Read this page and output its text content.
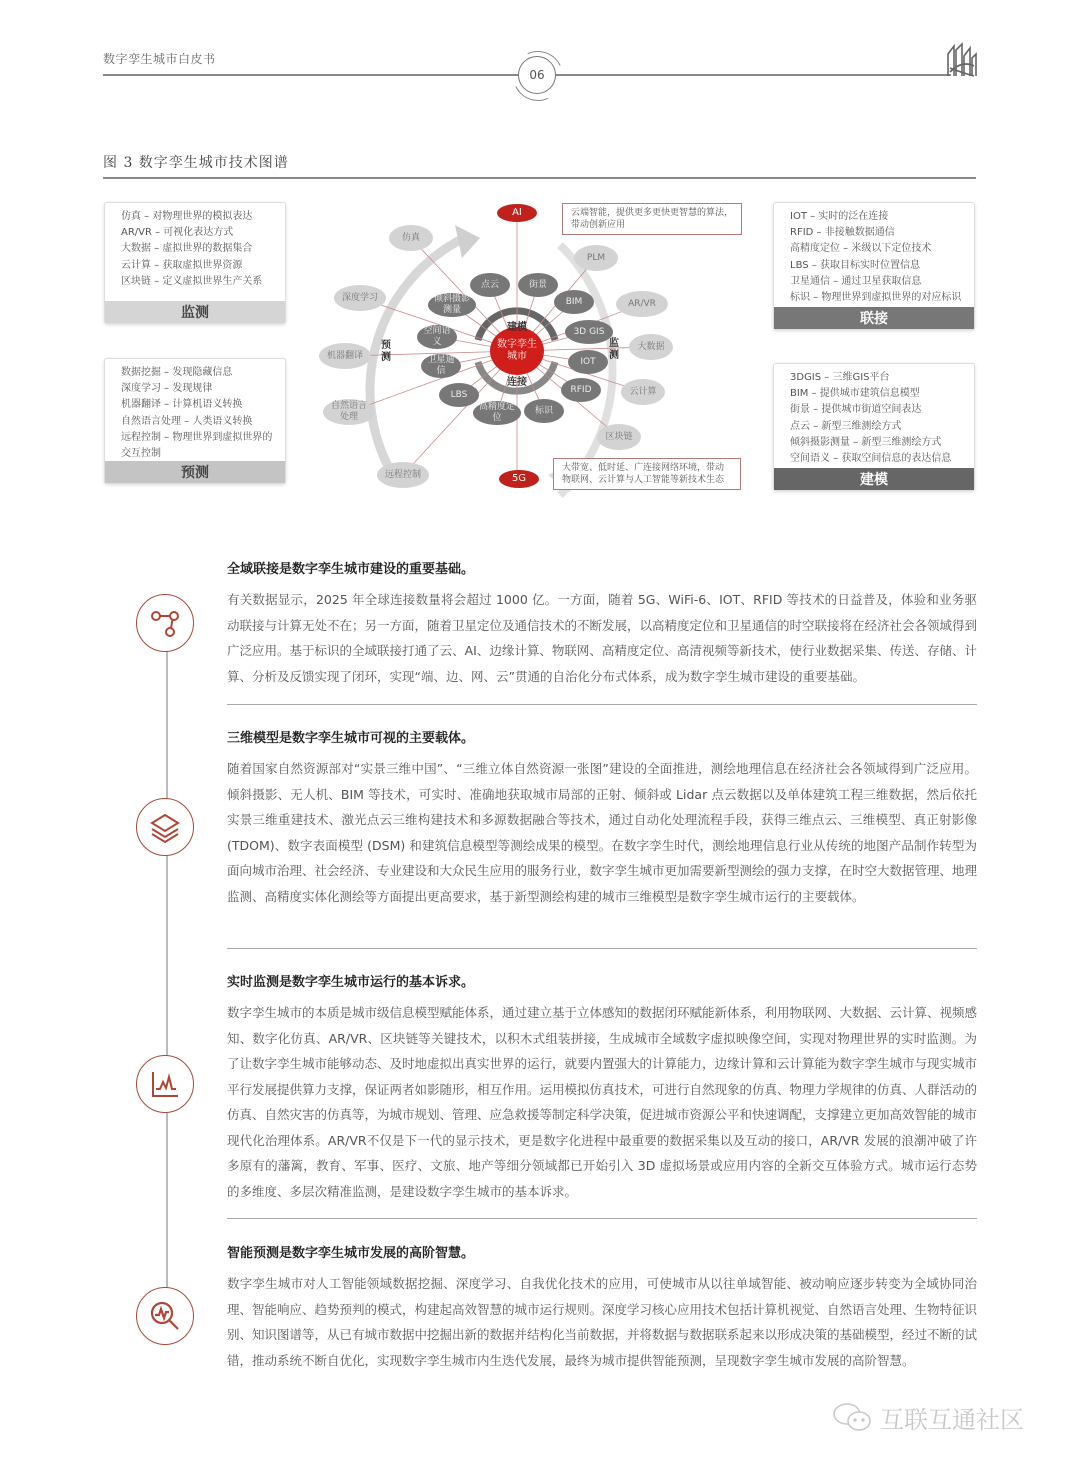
数字孪生城市白皮书
06
图 3 数字孪生城市技术图谱
仿真
PLM
深度学习
AR/VR
机器翻译
大数据
自然语言处理
云计算
远程控制
区块链
点云	街景
倾斜摄影测量
BIM
空间语义
3D GIS
卫星通信
IOT
LBS	RFID
高精度定位
标识
AI
5G
数字孪生城市
建模
连接
监测
预测
云端智能，提供更多更快更智慧的算法，带动创新应用
大带宽、低时延、广连接网络环境，带动物联网、云计算与人工智能等新技术生态
仿真 – 对物理世界的模拟表达
AR/VR – 可视化表达方式
大数据 – 虚拟世界的数据集合
云计算 – 获取虚拟世界资源
区块链 – 定义虚拟世界生产关系
监测
数据挖掘 – 发现隐藏信息
深度学习 – 发现规律
机器翻译 – 计算机语义转换
自然语言处理 – 人类语义转换
远程控制 – 物理世界到虚拟世界的交互控制
预测
IOT – 实时的泛在连接
RFID – 非接触数据通信
高精度定位 – 米级以下定位技术
LBS – 获取目标实时位置信息
卫星通信 – 通过卫星获取信息
标识 – 物理世界到虚拟世界的对应标识
联接
3DGIS – 三维GIS平台
BIM – 提供城市建筑信息模型
街景 – 提供城市街道空间表达
点云 – 新型三维测绘方式
倾斜摄影测量 – 新型三维测绘方式
空间语义 – 获取空间信息的表达信息
建模
全域联接是数字孪生城市建设的重要基础。

有关数据显示，2025 年全球连接数量将会超过 1000 亿。一方面，随着 5G、WiFi-6、IOT、RFID 等技术的日益普及，体验和业务驱动联接与计算无处不在；另一方面，随着卫星定位及通信技术的不断发展，以高精度定位和卫星通信的时空联接将在经济社会各领域得到广泛应用。基于标识的全域联接打通了云、AI、边缘计算、物联网、高精度定位、高清视频等新技术，使行业数据采集、传送、存储、计算、分析及反馈实现了闭环，实现“端、边、网、云”贯通的自治化分布式体系，成为数字孪生城市建设的重要基础。

三维模型是数字孪生城市可视的主要载体。

随着国家自然资源部对“实景三维中国”、“三维立体自然资源一张图”建设的全面推进，测绘地理信息在经济社会各领域得到广泛应用。倾斜摄影、无人机、BIM 等技术，可实时、准确地获取城市局部的正射、倾斜或 Lidar 点云数据以及单体建筑工程三维数据，然后依托实景三维重建技术、激光点云三维构建技术和多源数据融合等技术，通过自动化处理流程手段，获得三维点云、三维模型、真正射影像 (TDOM)、数字表面模型 (DSM) 和建筑信息模型等测绘成果的模型。在数字孪生时代，测绘地理信息行业从传统的地图产品制作转型为面向城市治理、社会经济、专业建设和大众民生应用的服务行业，数字孪生城市更加需要新型测绘的强力支撑，在时空大数据管理、地理监测、高精度实体化测绘等方面提出更高要求，基于新型测绘构建的城市三维模型是数字孪生城市运行的主要载体。

实时监测是数字孪生城市运行的基本诉求。

数字孪生城市的本质是城市级信息模型赋能体系，通过建立基于立体感知的数据闭环赋能新体系，利用物联网、大数据、云计算、视频感知、数字化仿真、AR/VR、区块链等关键技术，以积木式组装拼接，生成城市全域数字虚拟映像空间，实现对物理世界的实时监测。为了让数字孪生城市能够动态、及时地虚拟出真实世界的运行，就要内置强大的计算能力，边缘计算和云计算能为数字孪生城市与现实城市平行发展提供算力支撑，保证两者如影随形，相互作用。运用模拟仿真技术，可进行自然现象的仿真、物理力学规律的仿真、人群活动的仿真、自然灾害的仿真等，为城市规划、管理、应急救援等制定科学决策，促进城市资源公平和快速调配，支撑建立更加高效智能的城市现代化治理体系。AR/VR不仅是下一代的显示技术，更是数字化进程中最重要的数据采集以及互动的接口，AR/VR 发展的浪潮冲破了许多原有的藩篱，教育、军事、医疗、文旅、地产等细分领域都已开始引入 3D 虚拟场景或应用内容的全新交互体验方式。城市运行态势的多维度、多层次精准监测，是建设数字孪生城市的基本诉求。

智能预测是数字孪生城市发展的高阶智慧。

数字孪生城市对人工智能领域数据挖掘、深度学习、自我优化技术的应用，可使城市从以往单域智能、被动响应逐步转变为全域协同治理、智能响应、趋势预判的模式，构建起高效智慧的城市运行规则。深度学习核心应用技术包括计算机视觉、自然语言处理、生物特征识别、知识图谱等，从已有城市数据中挖掘出新的数据并结构化当前数据，并将数据与数据联系起来以形成决策的基础模型，经过不断的试错，推动系统不断自优化，实现数字孪生城市内生迭代发展，最终为城市提供智能预测，呈现数字孪生城市发展的高阶智慧。

互联互通社区
